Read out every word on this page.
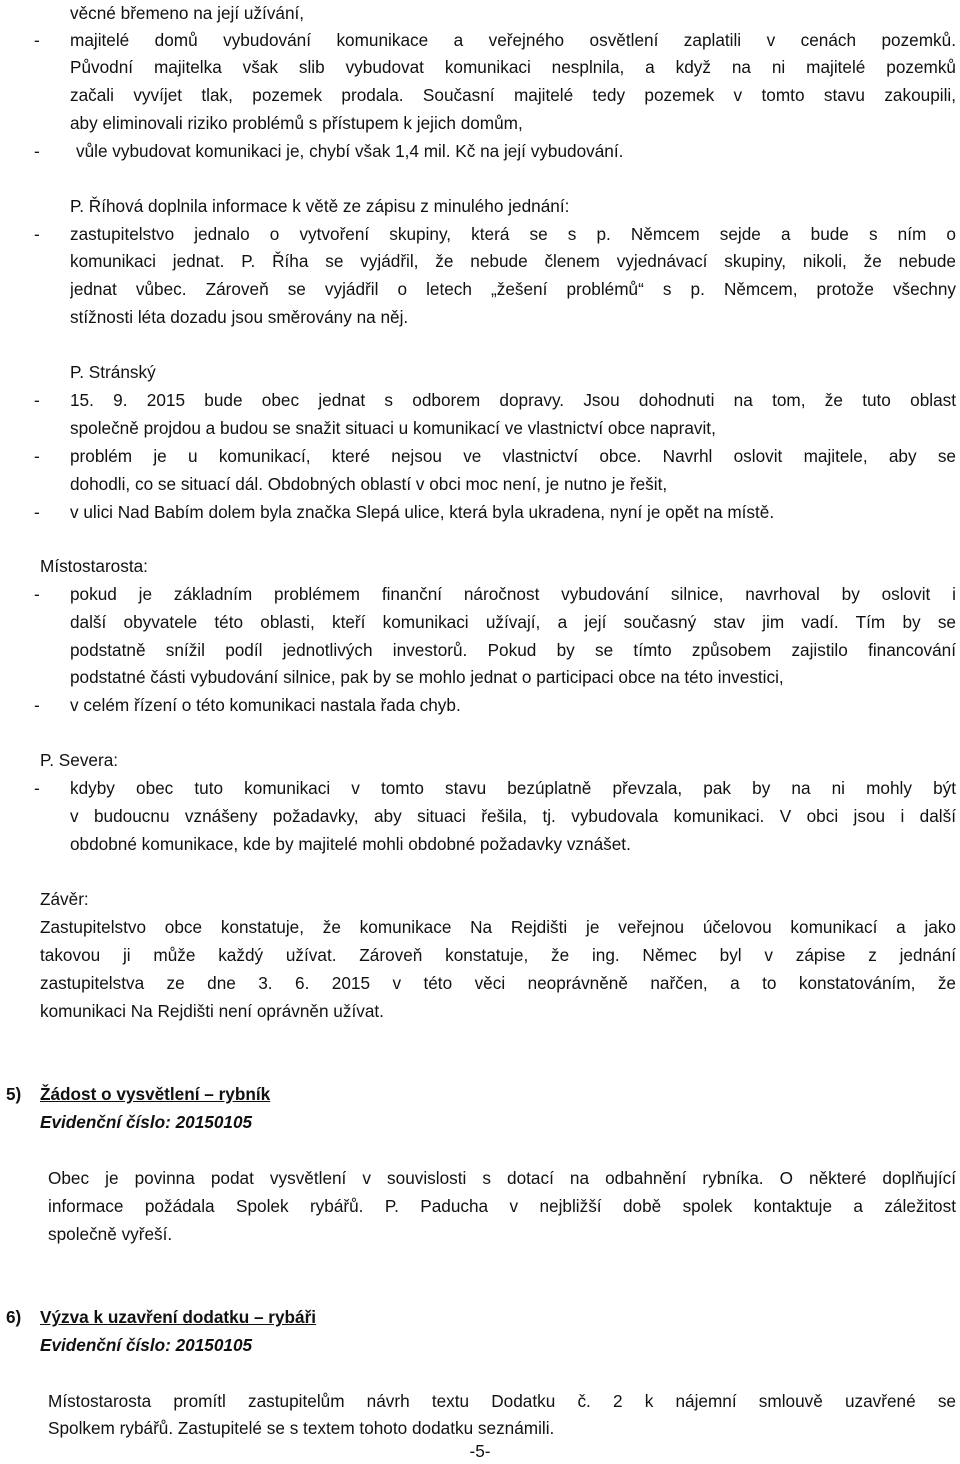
věcné břemeno na její užívání,
- majitelé domů vybudování komunikace a veřejného osvětlení zaplatili v cenách pozemků.
Původní majitelka však slib vybudovat komunikaci nesplnila, a když na ni majitelé pozemků
začali vyvíjet tlak, pozemek prodala. Současní majitelé tedy pozemek v tomto stavu zakoupili,
aby eliminovali riziko problémů s přístupem k jejich domům,
- vůle vybudovat komunikaci je, chybí však 1,4 mil. Kč na její vybudování.
P. Říhová doplnila informace k větě ze zápisu z minulého jednání:
- zastupitelstvo jednalo o vytvoření skupiny, která se s p. Němcem sejde a bude s ním o
komunikaci jednat. P. Říha se vyjádřil, že nebude členem vyjednávací skupiny, nikoli, že nebude
jednat vůbec. Zároveň se vyjádřil o letech „žešení problémů“ s p. Němcem, protože všechny
stížnosti léta dozadu jsou směrovány na něj.
P. Stránský
- 15. 9. 2015 bude obec jednat s odborem dopravy. Jsou dohodnuti na tom, že tuto oblast
společně projdou a budou se snažit situaci u komunikací ve vlastnictví obce napravit,
- problém je u komunikací, které nejsou ve vlastnictví obce. Navrhl oslovit majitele, aby se
dohodli, co se situací dál. Obdobných oblastí v obci moc není, je nutno je řešit,
- v ulici Nad Babím dolem byla značka Slepá ulice, která byla ukradena, nyní je opět na místě.
Místostarosta:
- pokud je základním problémem finanční náročnost vybudování silnice, navrhoval by oslovit i
další obyvatele této oblasti, kteří komunikaci užívají, a její současný stav jim vadí. Tím by se
podstatně snížil podíl jednotlivých investorů. Pokud by se tímto způsobem zajistilo financování
podstatné části vybudování silnice, pak by se mohlo jednat o participaci obce na této investici,
- v celém řízení o této komunikaci nastala řada chyb.
P. Severa:
- kdyby obec tuto komunikaci v tomto stavu bezúplatně převzala, pak by na ni mohly být
v budoucnu vznášeny požadavky, aby situaci řešila, tj. vybudovala komunikaci. V obci jsou i další
obdobné komunikace, kde by majitelé mohli obdobné požadavky vznášet.
Závěr:
Zastupitelstvo obce konstatuje, že komunikace Na Rejdišti je veřejnou účelovou komunikací a jako
takovou ji může každý užívat. Zároveň konstatuje, že ing. Němec byl v zápise z jednání
zastupitelstva ze dne 3. 6. 2015 v této věci neoprávněně nařčen, a to konstatováním, že
komunikaci Na Rejdišti není oprávněn užívat.
5) Žádost o vysvětlení – rybník
Evidenční číslo: 20150105
Obec je povinna podat vysvětlení v souvislosti s dotací na odbahnění rybníka. O některé doplňující
informace požádala Spolek rybářů. P. Paducha v nejbližší době spolek kontaktuje a záležitost
společně vyřeší.
6) Výzva k uzavření dodatku – rybáři
Evidenční číslo: 20150105
Místostarosta promítl zastupitelům návrh textu Dodatku č. 2 k nájemní smlouvě uzavřené se
Spolkem rybářů. Zastupitelé se s textem tohoto dodatku seznámili.
-5-
